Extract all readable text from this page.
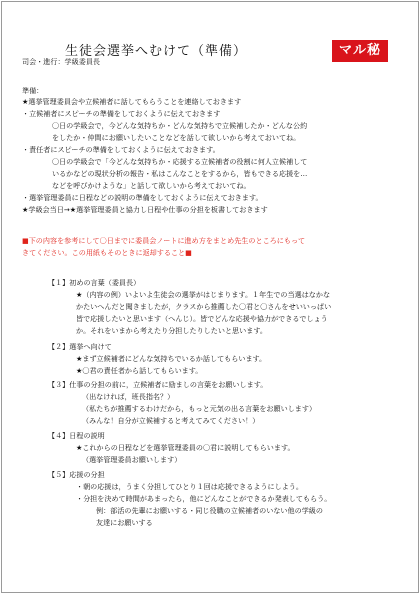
生徒会選挙へむけて（準備）	マル秘
司会・進行：学級委員長
準備：
★選挙管理委員会や立候補者に話してもらうことを連絡しておきます
・立候補者にスピーチの準備をしておくように伝えておきます
〇日の学級会で，今どんな気持ちか・どんな気持ちで立候補したか・どんな公約
をしたか・仲間にお願いしたいことなどを話して欲しいから考えておいてね。
・責任者にスピーチの準備をしておくように伝えておきます。
〇日の学級会で「今どんな気持ちか・応援する立候補者の役割に何人立候補して
いるかなどの現状分析の報告・私はこんなことをするから，皆もできる応援を…
などを呼びかけような」と話して欲しいから考えておいてね。
・選挙管理委員に日程などの説明の準備をしておくように伝えておきます。
★学級会当日→★選挙管理委員と協力し日程や仕事の分担を板書しておきます
■下の内容を参考にして〇日までに委員会ノートに進め方をまとめ先生のところにもって
きてください。この用紙もそのときに返却すること■
【１】初めの言葉（委員長）
★（内容の例）いよいよ生徒会の選挙がはじまります。１年生での当選はなかな
かたいへんだと聞きましたが，クラスから推薦した〇君と〇さんをせいいっぱい
皆で応援したいと思います（へんじ）。皆でどんな応援や協力ができるでしょう
か。それをいまから考えたり分担したりしたいと思います。
【２】選挙へ向けて
★まず立候補者にどんな気持ちでいるか話してもらいます。
★〇君の責任者から話してもらいます。
【３】仕事の分担の前に，立候補者に励ましの言葉をお願いします。
（出なければ，班長指名？）
（私たちが推薦するわけだから，もっと元気の出る言葉をお願いします）
（みんな！自分が立候補すると考えてみてください！）
【４】日程の説明
★これからの日程などを選挙管理委員の〇君に説明してもらいます。
（選挙管理委員お願いします）
【５】応援の分担
・朝の応援は，うまく分担してひとり１回は応援できるようにしよう。
・分担を決めて時間があまったら，他にどんなことができるか発表してもらう。
例：部活の先輩にお願いする・同じ役職の立候補者のいない他の学級の
友達にお願いする
